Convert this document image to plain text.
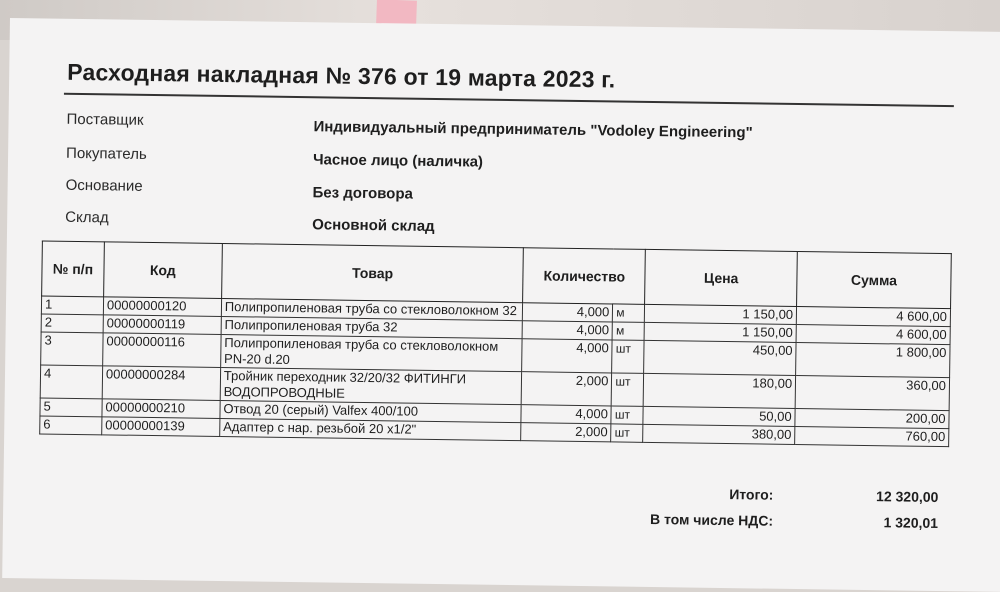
Расходная накладная № 376 от 19 марта 2023 г.
Поставщик	Индивидуальный предприниматель "Vodoley Engineering"
Покупатель	Часное лицо (наличка)
Основание	Без договора
Склад	Основной склад
№ п/п	Код	Товар	Количество		Цена	Сумма
1	00000000120	Полипропиленовая труба со стекловолокном 32	4,000	м	1 150,00	4 600,00
2	00000000119	Полипропиленовая труба 32	4,000	м	1 150,00	4 600,00
3	00000000116	Полипропиленовая труба со стекловолокном PN-20 d.20	4,000	шт	450,00	1 800,00
4	00000000284	Тройник переходник 32/20/32 ФИТИНГИ ВОДОПРОВОДНЫЕ	2,000	шт	180,00	360,00
5	00000000210	Отвод 20 (серый) Valfex 400/100	4,000	шт	50,00	200,00
6	00000000139	Адаптер с нар. резьбой 20 х1/2"	2,000	шт	380,00	760,00
Итого:	12 320,00
В том числе НДС:	1 320,01
